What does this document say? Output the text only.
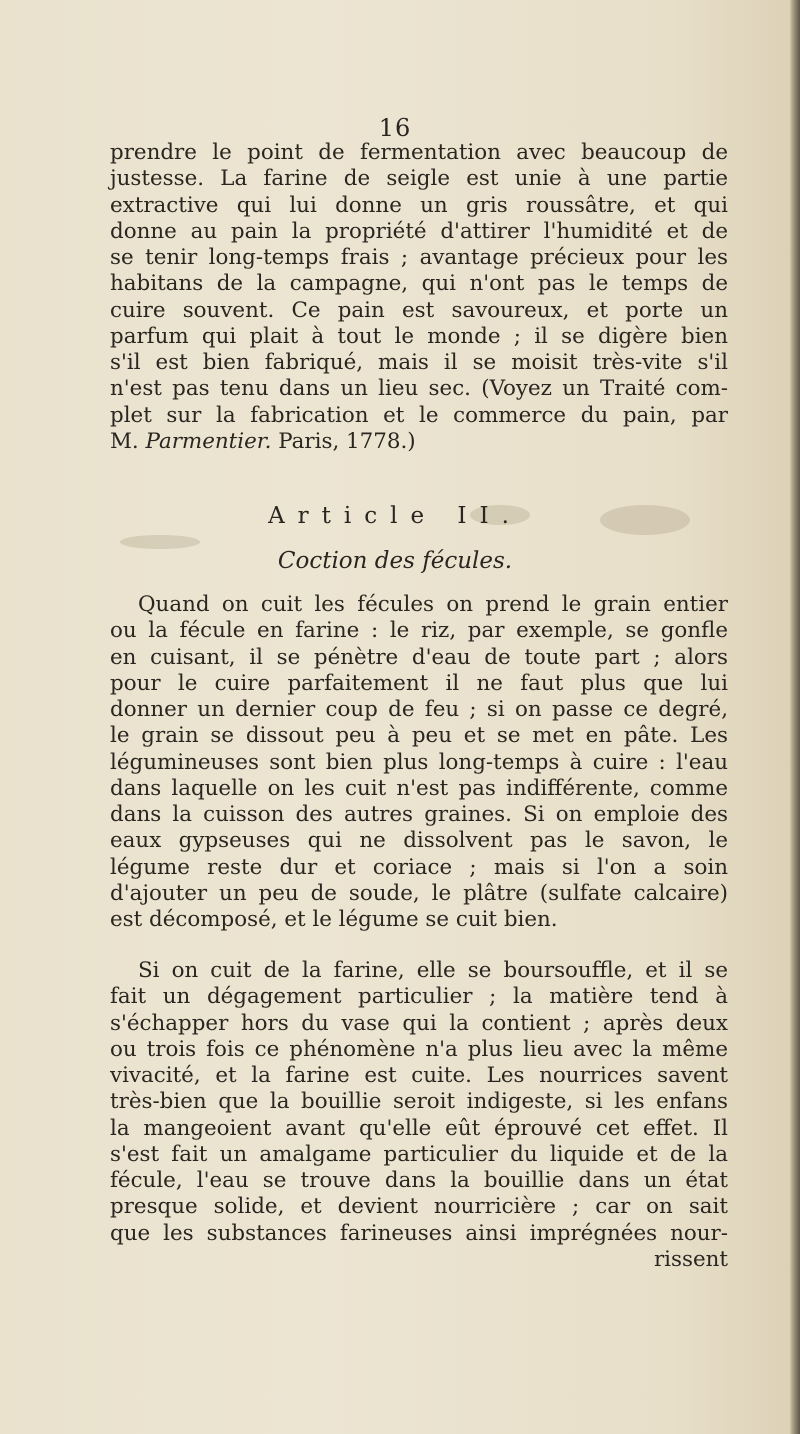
16
prendre le point de fermentation avec beaucoup de
justesse. La farine de seigle est unie à une partie
extractive qui lui donne un gris roussâtre, et qui
donne au pain la propriété d'attirer l'humidité et de
se tenir long-temps frais ; avantage précieux pour les
habitans de la campagne, qui n'ont pas le temps de
cuire souvent. Ce pain est savoureux, et porte un
parfum qui plait à tout le monde ; il se digère bien
s'il est bien fabriqué, mais il se moisit très-vite s'il
n'est pas tenu dans un lieu sec. (Voyez un Traité com-
plet sur la fabrication et le commerce du pain, par
M. Parmentier. Paris, 1778.)
Article II.
Coction des fécules.
Quand on cuit les fécules on prend le grain entier
ou la fécule en farine : le riz, par exemple, se gonfle
en cuisant, il se pénètre d'eau de toute part ; alors
pour le cuire parfaitement il ne faut plus que lui
donner un dernier coup de feu ; si on passe ce degré,
le grain se dissout peu à peu et se met en pâte. Les
légumineuses sont bien plus long-temps à cuire : l'eau
dans laquelle on les cuit n'est pas indifférente, comme
dans la cuisson des autres graines. Si on emploie des
eaux gypseuses qui ne dissolvent pas le savon, le
légume reste dur et coriace ; mais si l'on a soin
d'ajouter un peu de soude, le plâtre (sulfate calcaire)
est décomposé, et le légume se cuit bien.
Si on cuit de la farine, elle se boursouffle, et il se
fait un dégagement particulier ; la matière tend à
s'échapper hors du vase qui la contient ; après deux
ou trois fois ce phénomène n'a plus lieu avec la même
vivacité, et la farine est cuite. Les nourrices savent
très-bien que la bouillie seroit indigeste, si les enfans
la mangeoient avant qu'elle eût éprouvé cet effet. Il
s'est fait un amalgame particulier du liquide et de la
fécule, l'eau se trouve dans la bouillie dans un état
presque solide, et devient nourricière ; car on sait
que les substances farineuses ainsi imprégnées nour-
rissent
